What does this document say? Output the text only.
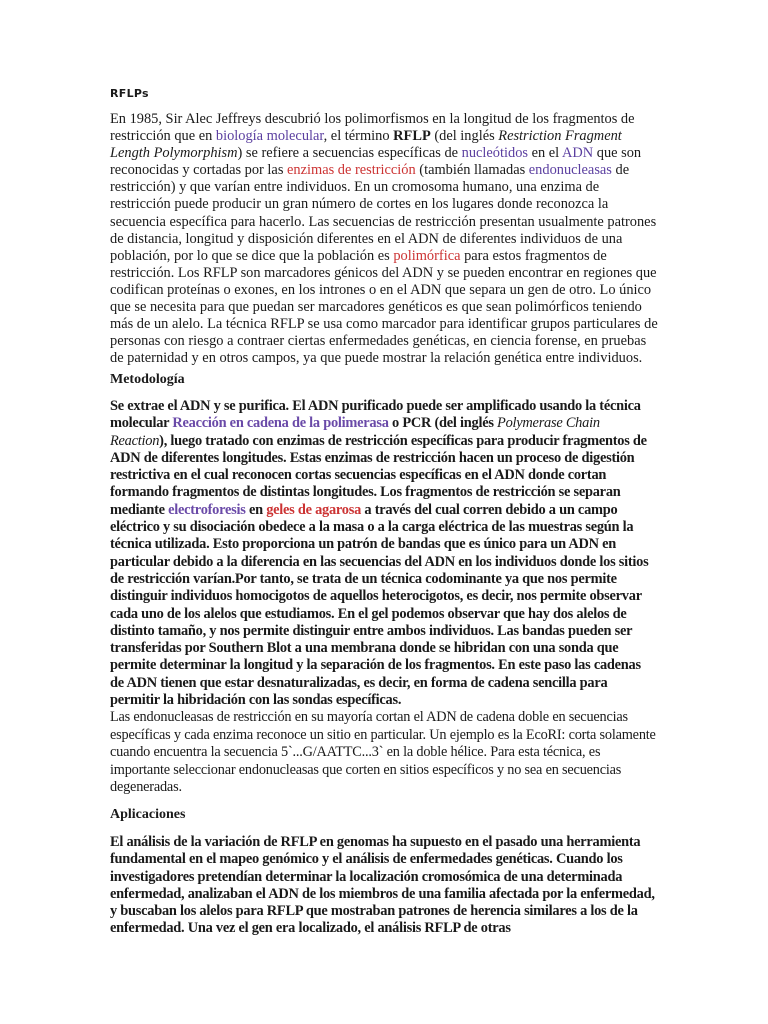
RFLPs

En 1985, Sir Alec Jeffreys descubrió los polimorfismos en la longitud de los fragmentos de restricción que en biología molecular, el término RFLP (del inglés Restriction Fragment Length Polymorphism) se refiere a secuencias específicas de nucleótidos en el ADN que son reconocidas y cortadas por las enzimas de restricción (también llamadas endonucleasas de restricción) y que varían entre individuos. En un cromosoma humano, una enzima de restricción puede producir un gran número de cortes en los lugares donde reconozca la secuencia específica para hacerlo. Las secuencias de restricción presentan usualmente patrones de distancia, longitud y disposición diferentes en el ADN de diferentes individuos de una población, por lo que se dice que la población es polimórfica para estos fragmentos de restricción. Los RFLP son marcadores génicos del ADN y se pueden encontrar en regiones que codifican proteínas o exones, en los intrones o en el ADN que separa un gen de otro. Lo único que se necesita para que puedan ser marcadores genéticos es que sean polimórficos teniendo más de un alelo. La técnica RFLP se usa como marcador para identificar grupos particulares de personas con riesgo a contraer ciertas enfermedades genéticas, en ciencia forense, en pruebas de paternidad y en otros campos, ya que puede mostrar la relación genética entre individuos.

Metodología

Se extrae el ADN y se purifica. El ADN purificado puede ser amplificado usando la técnica molecular Reacción en cadena de la polimerasa o PCR (del inglés Polymerase Chain Reaction), luego tratado con enzimas de restricción específicas para producir fragmentos de ADN de diferentes longitudes. Estas enzimas de restricción hacen un proceso de digestión restrictiva en el cual reconocen cortas secuencias específicas en el ADN donde cortan formando fragmentos de distintas longitudes. Los fragmentos de restricción se separan mediante electroforesis en geles de agarosa a través del cual corren debido a un campo eléctrico y su disociación obedece a la masa o a la carga eléctrica de las muestras según la técnica utilizada. Esto proporciona un patrón de bandas que es único para un ADN en particular debido a la diferencia en las secuencias del ADN en los individuos donde los sitios de restricción varían.Por tanto, se trata de un técnica codominante ya que nos permite distinguir individuos homocigotos de aquellos heterocigotos, es decir, nos permite observar cada uno de los alelos que estudiamos. En el gel podemos observar que hay dos alelos de distinto tamaño, y nos permite distinguir entre ambos individuos. Las bandas pueden ser transferidas por Southern Blot a una membrana donde se hibridan con una sonda que permite determinar la longitud y la separación de los fragmentos. En este paso las cadenas de ADN tienen que estar desnaturalizadas, es decir, en forma de cadena sencilla para permitir la hibridación con las sondas específicas.

Las endonucleasas de restricción en su mayoría cortan el ADN de cadena doble en secuencias específicas y cada enzima reconoce un sitio en particular. Un ejemplo es la EcoRI: corta solamente cuando encuentra la secuencia 5`...G/AATTC...3` en la doble hélice. Para esta técnica, es importante seleccionar endonucleasas que corten en sitios específicos y no sea en secuencias degeneradas.

Aplicaciones

El análisis de la variación de RFLP en genomas ha supuesto en el pasado una herramienta fundamental en el mapeo genómico y el análisis de enfermedades genéticas. Cuando los investigadores pretendían determinar la localización cromosómica de una determinada enfermedad, analizaban el ADN de los miembros de una familia afectada por la enfermedad, y buscaban los alelos para RFLP que mostraban patrones de herencia similares a los de la enfermedad. Una vez el gen era localizado, el análisis RFLP de otras
